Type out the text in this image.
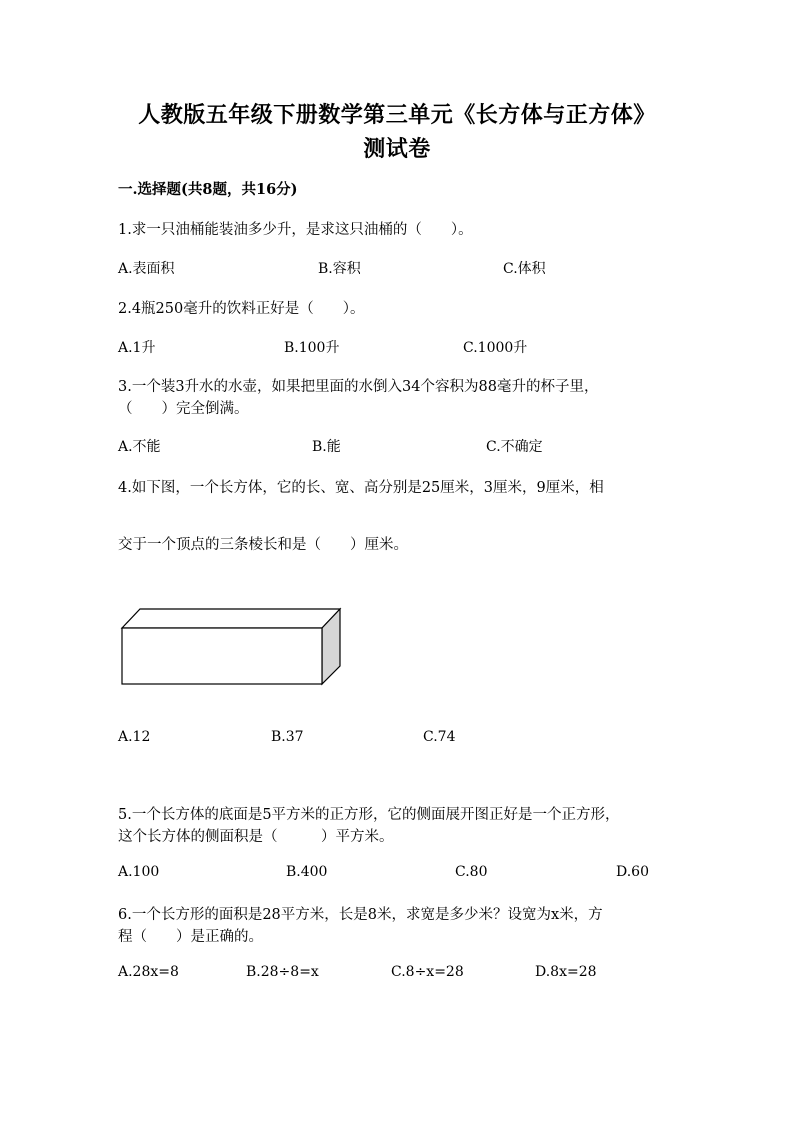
人教版五年级下册数学第三单元《长方体与正方体》
测试卷
一.选择题(共8题，共16分)
1.求一只油桶能装油多少升，是求这只油桶的（　　）。
A.表面积	B.容积	C.体积
2.4瓶250毫升的饮料正好是（　　）。
A.1升	B.100升	C.1000升
3.一个装3升水的水壶，如果把里面的水倒入34个容积为88毫升的杯子里，
（　　）完全倒满。
A.不能	B.能	C.不确定
4.如下图，一个长方体，它的长、宽、高分别是25厘米，3厘米，9厘米，相
交于一个顶点的三条棱长和是（　　）厘米。
A.12	B.37	C.74
5.一个长方体的底面是5平方米的正方形，它的侧面展开图正好是一个正方形，
这个长方体的侧面积是（　　　）平方米。
A.100	B.400	C.80	D.60
6.一个长方形的面积是28平方米，长是8米，求宽是多少米？设宽为x米，方
程（　　）是正确的。
A.28x=8	B.28÷8=x	C.8÷x=28	D.8x=28
